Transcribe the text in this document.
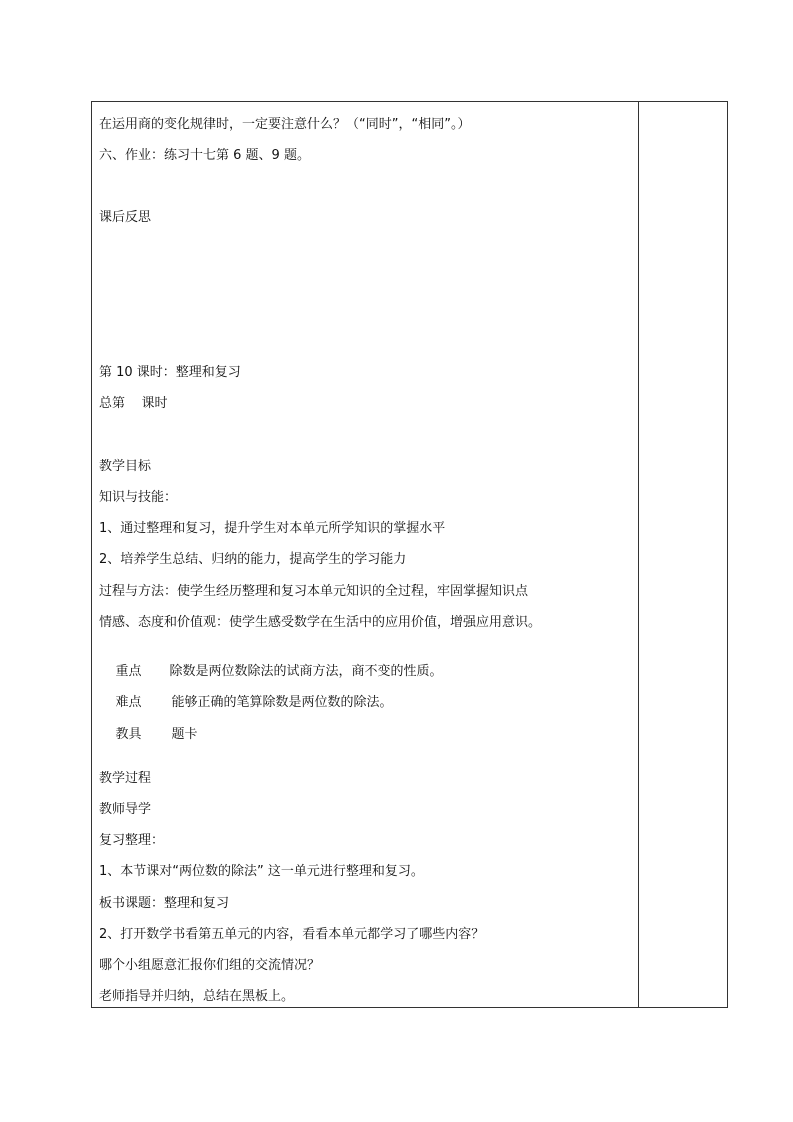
在运用商的变化规律时，一定要注意什么？（“同时”，“相同”。）
六、作业：练习十七第 6 题、9 题。
课后反思
第 10 课时：整理和复习
总第    课时
教学目标
知识与技能：
1、通过整理和复习，提升学生对本单元所学知识的掌握水平
2、培养学生总结、归纳的能力，提高学生的学习能力
过程与方法：使学生经历整理和复习本单元知识的全过程，牢固掌握知识点
情感、态度和价值观：使学生感受数学在生活中的应用价值，增强应用意识。

重点 除数是两位数除法的试商方法，商不变的性质。

难点 能够正确的笔算除数是两位数的除法。

教具 题卡

教学过程
教师导学
复习整理：
1、本节课对“两位数的除法” 这一单元进行整理和复习。
板书课题：整理和复习
2、打开数学书看第五单元的内容，看看本单元都学习了哪些内容？
哪个小组愿意汇报你们组的交流情况？
老师指导并归纳，总结在黑板上。
